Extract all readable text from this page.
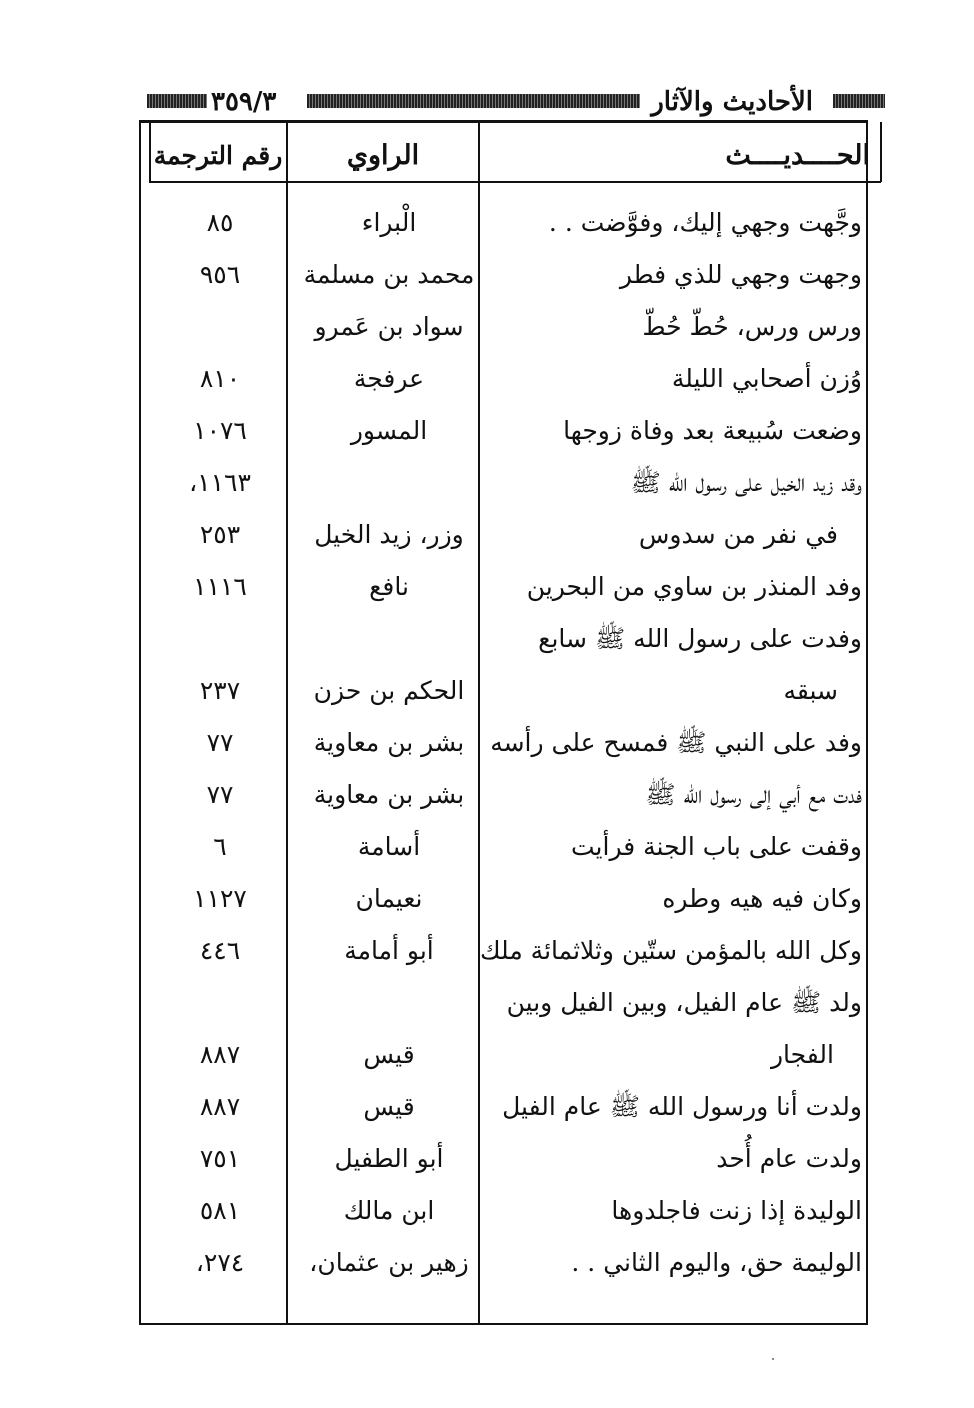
٣٥٩/٣	الأحاديث والآثار
الحــــديــــث
الراوي
رقم الترجمة
وجَّهت وجهي إليك، وفوَّضت . .
الْبراء
٨٥
وجهت وجهي للذي فطر
محمد بن مسلمة
٩٥٦
ورس ورس، حُطّ حُطّ
سواد بن عَمرو
وُزن أصحابي الليلة
عرفجة
٨١٠
وضعت سُبيعة بعد وفاة زوجها
المسور
١٠٧٦
وقد زيد الخيل على رسول الله ﷺ
١١٦٣،
في نفر من سدوس
وزر، زيد الخيل
٢٥٣
وفد المنذر بن ساوي من البحرين
نافع
١١١٦
وفدت على رسول الله ﷺ سابع
سبقه
الحكم بن حزن
٢٣٧
وفد على النبي ﷺ فمسح على رأسه
بشر بن معاوية
٧٧
فدت مع أبي إلى رسول الله ﷺ
بشر بن معاوية
٧٧
وقفت على باب الجنة فرأيت
أسامة
٦
وكان فيه هيه وطره
نعيمان
١١٢٧
وكل الله بالمؤمن ستّين وثلاثمائة ملك
أبو أمامة
٤٤٦
ولد ﷺ عام الفيل، وبين الفيل وبين
الفجار
قيس
٨٨٧
ولدت أنا ورسول الله ﷺ عام الفيل
قيس
٨٨٧
ولدت عام أُحد
أبو الطفيل
٧٥١
الوليدة إذا زنت فاجلدوها
ابن مالك
٥٨١
الوليمة حق، واليوم الثاني . .
زهير بن عثمان،
٢٧٤،
